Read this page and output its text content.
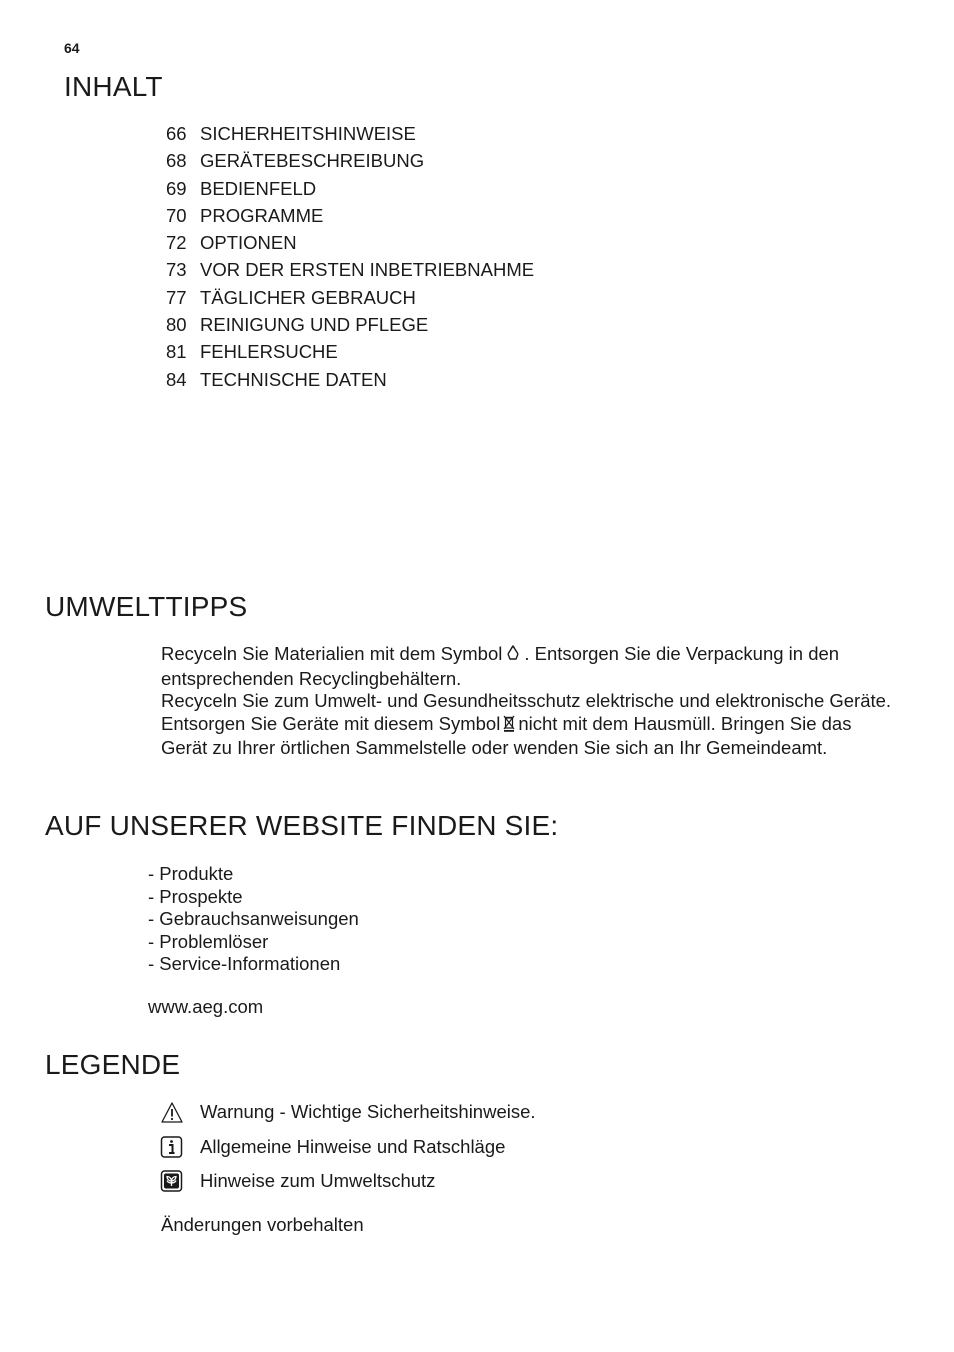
64
INHALT
66 SICHERHEITSHINWEISE
68 GERÄTEBESCHREIBUNG
69 BEDIENFELD
70 PROGRAMME
72 OPTIONEN
73 VOR DER ERSTEN INBETRIEBNAHME
77 TÄGLICHER GEBRAUCH
80 REINIGUNG UND PFLEGE
81 FEHLERSUCHE
84 TECHNISCHE DATEN
UMWELTTIPPS

Recyceln Sie Materialien mit dem Symbol . Entsorgen Sie die Verpackung in den entsprechenden Recyclingbehältern.

Recyceln Sie zum Umwelt- und Gesundheitsschutz elektrische und elektronische Geräte. Entsorgen Sie Geräte mit diesem Symbol nicht mit dem Hausmüll. Bringen Sie das Gerät zu Ihrer örtlichen Sammelstelle oder wenden Sie sich an Ihr Gemeindeamt.

AUF UNSERER WEBSITE FINDEN SIE:
- Produkte
- Prospekte
- Gebrauchsanweisungen
- Problemlöser
- Service-Informationen
www.aeg.com
LEGENDE
Warnung - Wichtige Sicherheitshinweise.
Allgemeine Hinweise und Ratschläge
Hinweise zum Umweltschutz
Änderungen vorbehalten
